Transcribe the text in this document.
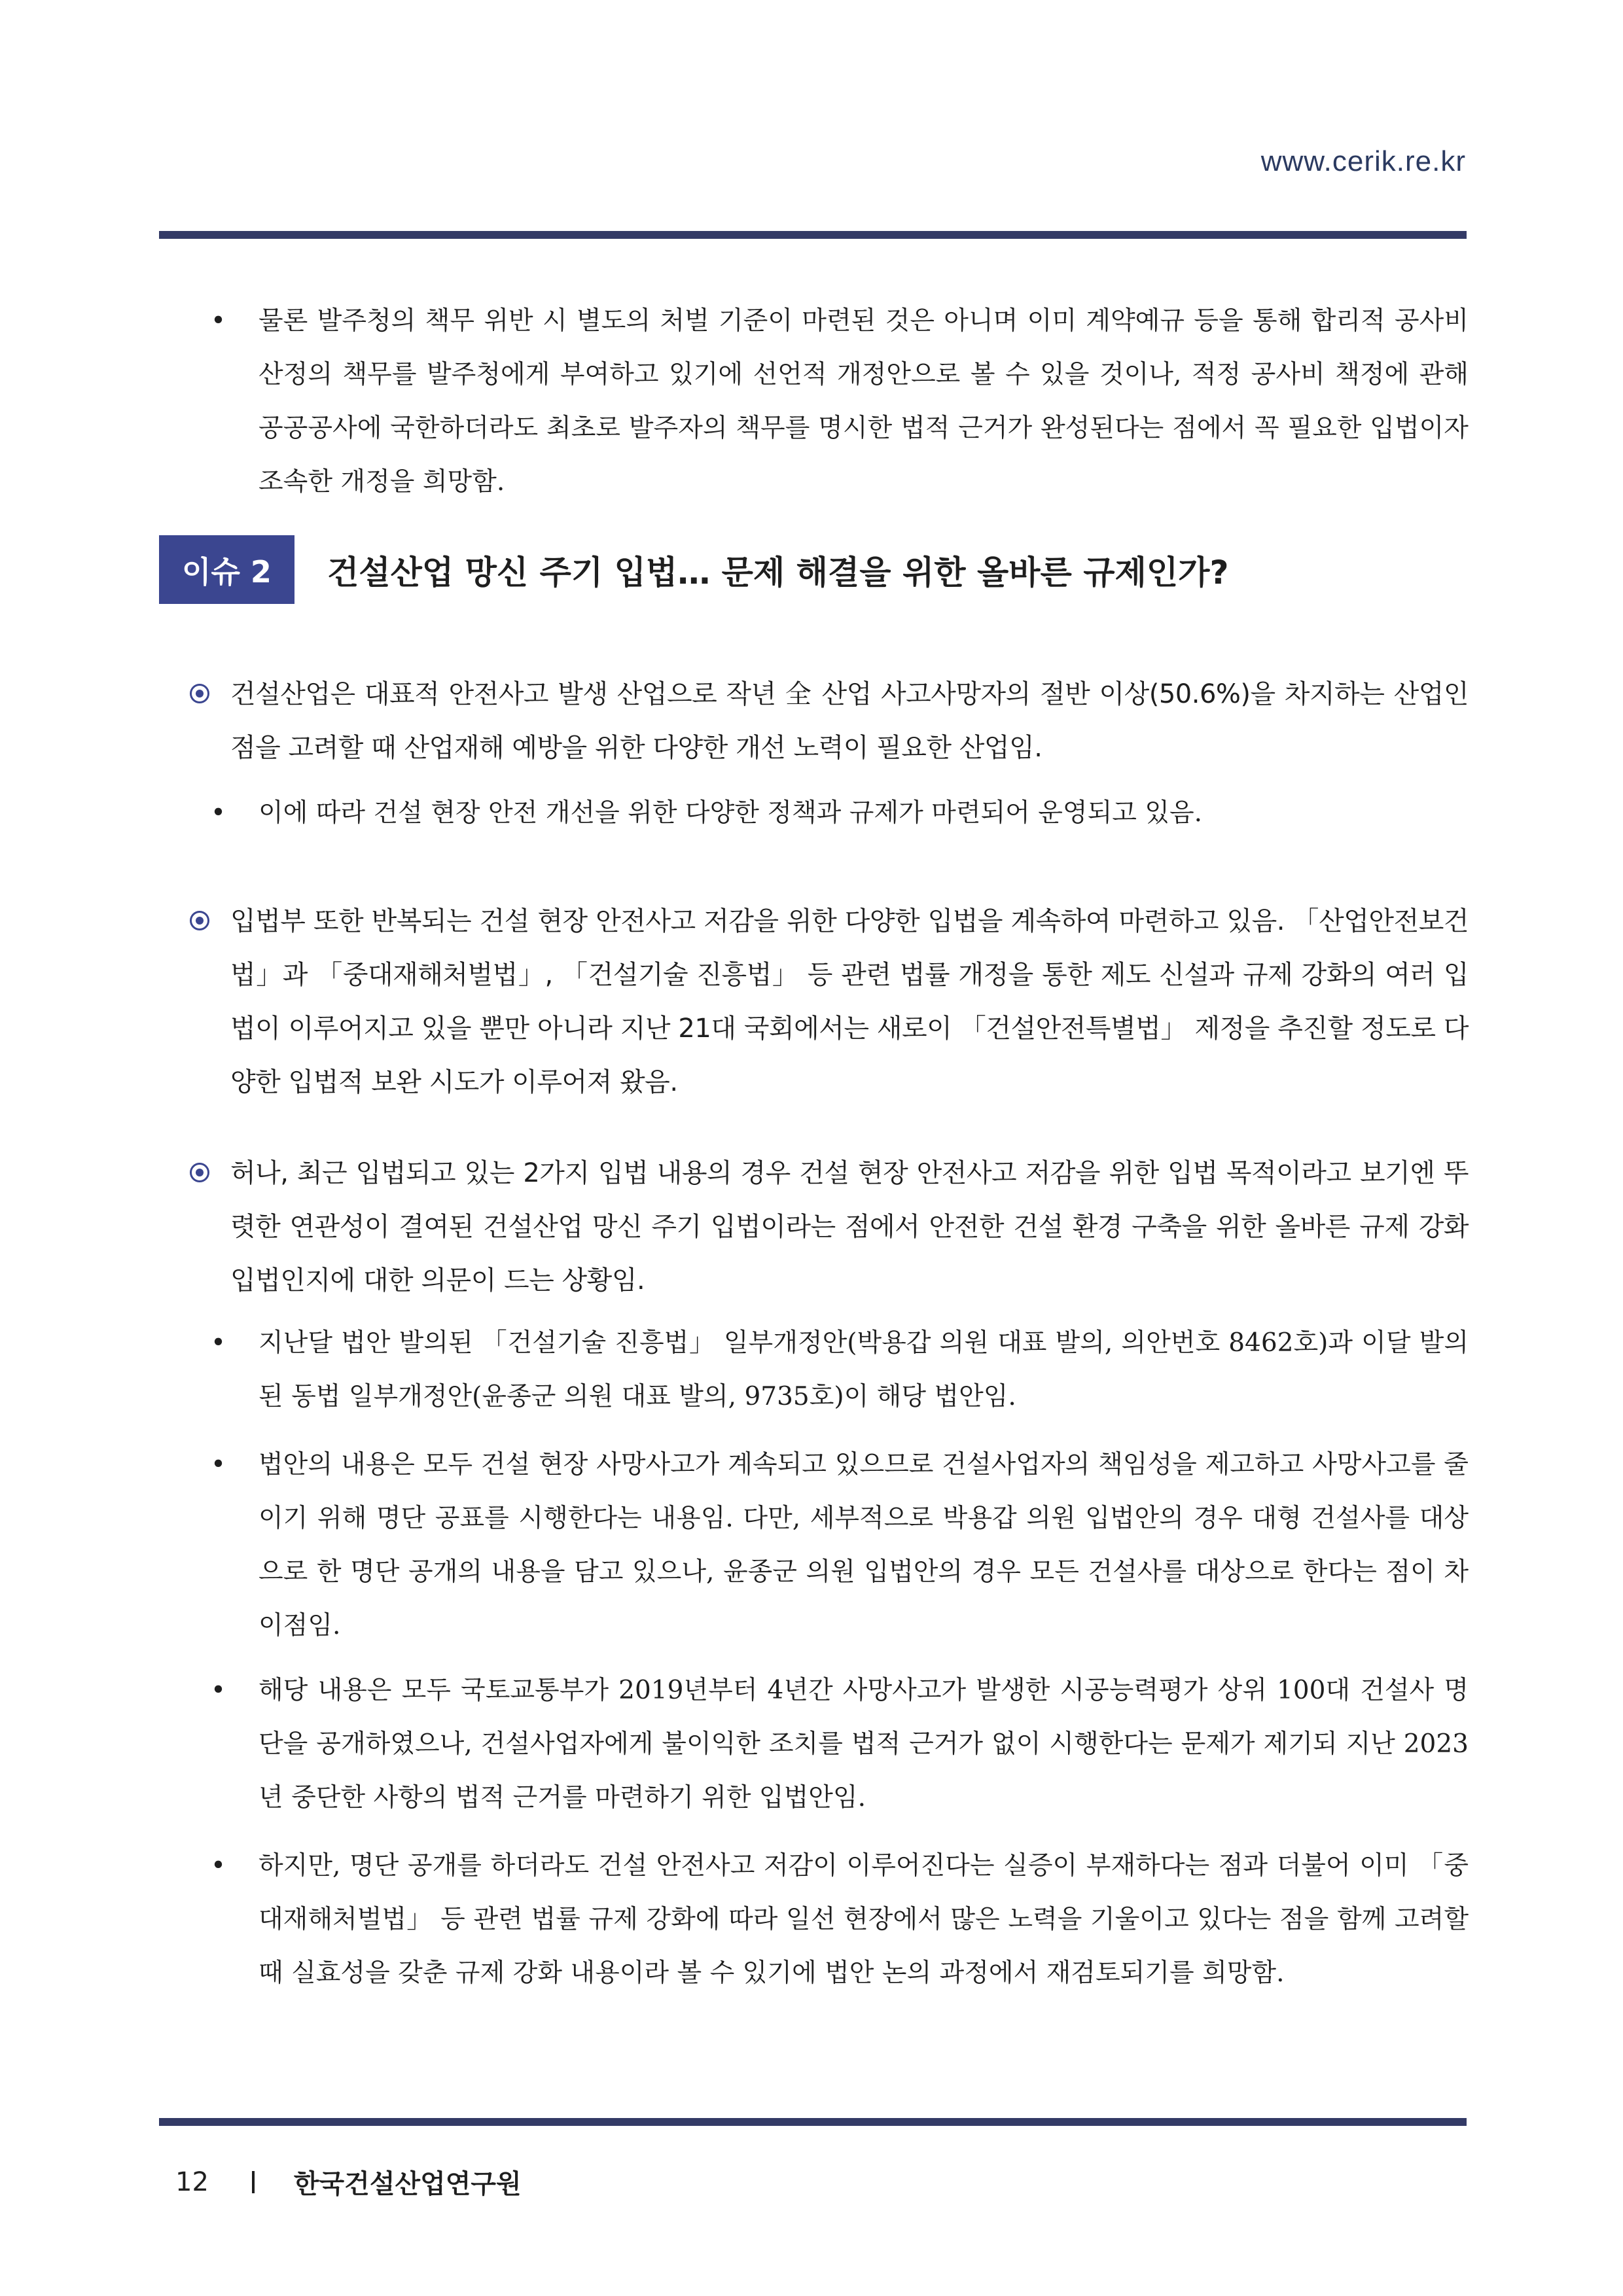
www.cerik.re.kr
•	물론 발주청의 책무 위반 시 별도의 처벌 기준이 마련된 것은 아니며 이미 계약예규 등을 통해 합리적 공사비 산정의 책무를 발주청에게 부여하고 있기에 선언적 개정안으로 볼 수 있을 것이나, 적정 공사비 책정에 관해 공공공사에 국한하더라도 최초로 발주자의 책무를 명시한 법적 근거가 완성된다는 점에서 꼭 필요한 입법이자 조속한 개정을 희망함.
이슈 2	건설산업 망신 주기 입법… 문제 해결을 위한 올바른 규제인가?
건설산업은 대표적 안전사고 발생 산업으로 작년 全 산업 사고사망자의 절반 이상(50.6%)을 차지하는 산업인 점을 고려할 때 산업재해 예방을 위한 다양한 개선 노력이 필요한 산업임.
•	이에 따라 건설 현장 안전 개선을 위한 다양한 정책과 규제가 마련되어 운영되고 있음.
입법부 또한 반복되는 건설 현장 안전사고 저감을 위한 다양한 입법을 계속하여 마련하고 있음. 「산업안전보건법」과 「중대재해처벌법」, 「건설기술 진흥법」 등 관련 법률 개정을 통한 제도 신설과 규제 강화의 여러 입법이 이루어지고 있을 뿐만 아니라 지난 21대 국회에서는 새로이 「건설안전특별법」 제정을 추진할 정도로 다양한 입법적 보완 시도가 이루어져 왔음.
허나, 최근 입법되고 있는 2가지 입법 내용의 경우 건설 현장 안전사고 저감을 위한 입법 목적이라고 보기엔 뚜렷한 연관성이 결여된 건설산업 망신 주기 입법이라는 점에서 안전한 건설 환경 구축을 위한 올바른 규제 강화 입법인지에 대한 의문이 드는 상황임.
•	지난달 법안 발의된 「건설기술 진흥법」 일부개정안(박용갑 의원 대표 발의, 의안번호 8462호)과 이달 발의된 동법 일부개정안(윤종군 의원 대표 발의, 9735호)이 해당 법안임.
•	법안의 내용은 모두 건설 현장 사망사고가 계속되고 있으므로 건설사업자의 책임성을 제고하고 사망사고를 줄이기 위해 명단 공표를 시행한다는 내용임. 다만, 세부적으로 박용갑 의원 입법안의 경우 대형 건설사를 대상으로 한 명단 공개의 내용을 담고 있으나, 윤종군 의원 입법안의 경우 모든 건설사를 대상으로 한다는 점이 차이점임.
•	해당 내용은 모두 국토교통부가 2019년부터 4년간 사망사고가 발생한 시공능력평가 상위 100대 건설사 명단을 공개하였으나, 건설사업자에게 불이익한 조치를 법적 근거가 없이 시행한다는 문제가 제기되 지난 2023년 중단한 사항의 법적 근거를 마련하기 위한 입법안임.
•	하지만, 명단 공개를 하더라도 건설 안전사고 저감이 이루어진다는 실증이 부재하다는 점과 더불어 이미 「중대재해처벌법」 등 관련 법률 규제 강화에 따라 일선 현장에서 많은 노력을 기울이고 있다는 점을 함께 고려할 때 실효성을 갖춘 규제 강화 내용이라 볼 수 있기에 법안 논의 과정에서 재검토되기를 희망함.
12	한국건설산업연구원
